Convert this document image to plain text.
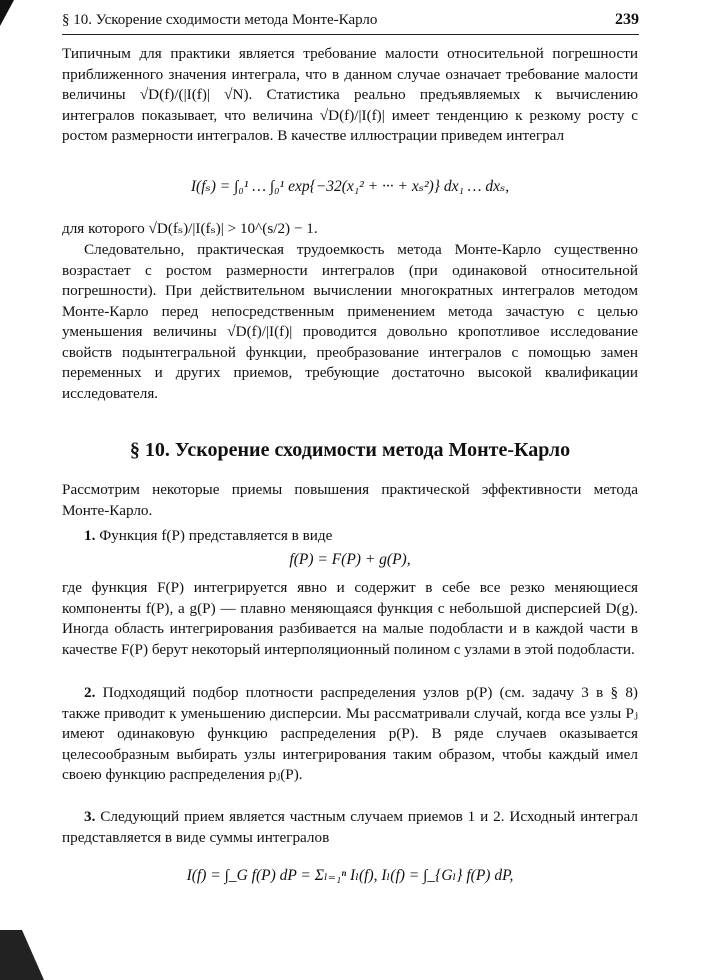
§ 10. Ускорение сходимости метода Монте-Карло	239

Типичным для практики является требование малости относительной погрешности приближенного значения интеграла, что в данном случае означает требование малости величины √D(f)/(|I(f)| √N). Статистика реально предъявляемых к вычислению интегралов показывает, что величина √D(f)/|I(f)| имеет тенденцию к резкому росту с ростом размерности интегралов. В качестве иллюстрации приведем интеграл

I(fₛ) = ∫₀¹ … ∫₀¹ exp{−32(x₁² + ··· + xₛ²)} dx₁ … dxₛ,

для которого √D(fₛ)/|I(fₛ)| > 10^(s/2) − 1.

Следовательно, практическая трудоемкость метода Монте-Карло существенно возрастает с ростом размерности интегралов (при одинаковой относительной погрешности). При действительном вычислении многократных интегралов методом Монте-Карло перед непосредственным применением метода зачастую с целью уменьшения величины √D(f)/|I(f)| проводится довольно кропотливое исследование свойств подынтегральной функции, преобразование интегралов с помощью замен переменных и других приемов, требующие достаточно высокой квалификации исследователя.

§ 10. Ускорение сходимости метода Монте-Карло

Рассмотрим некоторые приемы повышения практической эффективности метода Монте-Карло.

1. Функция f(P) представляется в виде

f(P) = F(P) + g(P),

где функция F(P) интегрируется явно и содержит в себе все резко меняющиеся компоненты f(P), а g(P) — плавно меняющаяся функция с небольшой дисперсией D(g). Иногда область интегрирования разбивается на малые подобласти и в каждой части в качестве F(P) берут некоторый интерполяционный полином с узлами в этой подобласти.

2. Подходящий подбор плотности распределения узлов p(P) (см. задачу 3 в § 8) также приводит к уменьшению дисперсии. Мы рассматривали случай, когда все узлы Pⱼ имеют одинаковую функцию распределения p(P). В ряде случаев оказывается целесообразным выбирать узлы интегрирования таким образом, чтобы каждый имел своею функцию распределения pⱼ(P).

3. Следующий прием является частным случаем приемов 1 и 2. Исходный интеграл представляется в виде суммы интегралов

I(f) = ∫_G f(P) dP = Σₗ₌₁ⁿ Iₗ(f), Iₗ(f) = ∫_{Gₗ} f(P) dP,
